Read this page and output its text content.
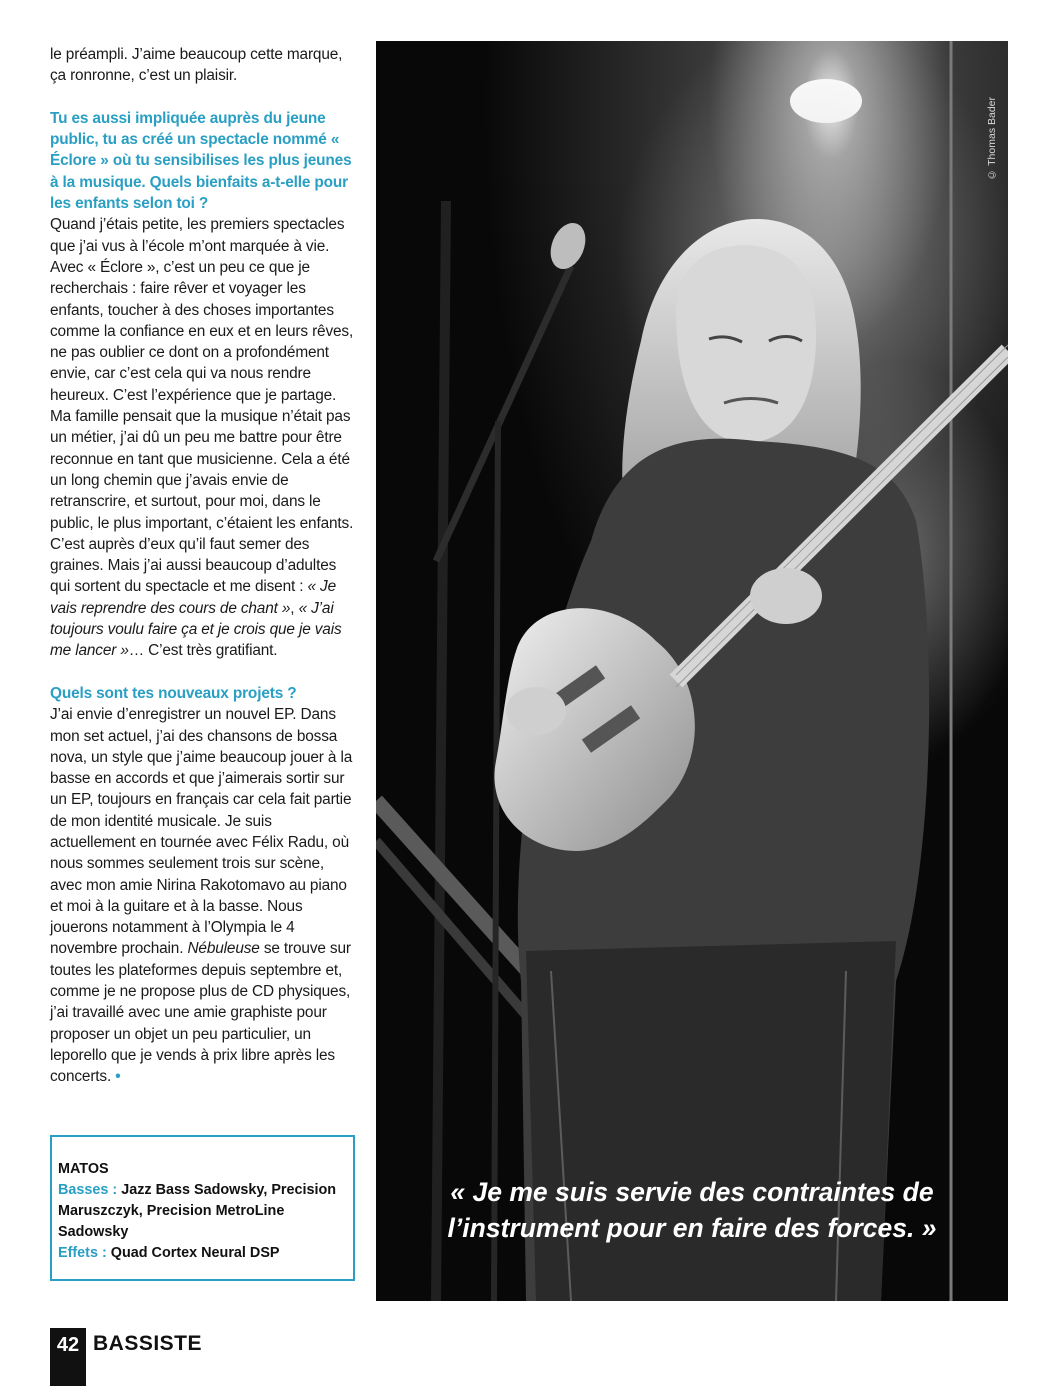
le préampli. J’aime beaucoup cette marque, ça ronronne, c’est un plaisir.

Tu es aussi impliquée auprès du jeune public, tu as créé un spectacle nommé « Éclore » où tu sensibilises les plus jeunes à la musique. Quels bienfaits a-t-elle pour les enfants selon toi ?

Quand j’étais petite, les premiers spectacles que j’ai vus à l’école m’ont marquée à vie. Avec « Éclore », c’est un peu ce que je recherchais : faire rêver et voyager les enfants, toucher à des choses importantes comme la confiance en eux et en leurs rêves, ne pas oublier ce dont on a profondément envie, car c’est cela qui va nous rendre heureux. C’est l’expérience que je partage. Ma famille pensait que la musique n’était pas un métier, j’ai dû un peu me battre pour être reconnue en tant que musicienne. Cela a été un long chemin que j’avais envie de retranscrire, et surtout, pour moi, dans le public, le plus important, c’étaient les enfants. C’est auprès d’eux qu’il faut semer des graines. Mais j’ai aussi beaucoup d’adultes qui sortent du spectacle et me disent : « Je vais reprendre des cours de chant », « J’ai toujours voulu faire ça et je crois que je vais me lancer »… C’est très gratifiant.

Quels sont tes nouveaux projets ?

J’ai envie d’enregistrer un nouvel EP. Dans mon set actuel, j’ai des chansons de bossa nova, un style que j’aime beaucoup jouer à la basse en accords et que j’aimerais sortir sur un EP, toujours en français car cela fait partie de mon identité musicale. Je suis actuellement en tournée avec Félix Radu, où nous sommes seulement trois sur scène, avec mon amie Nirina Rakotomavo au piano et moi à la guitare et à la basse. Nous jouerons notamment à l’Olympia le 4 novembre prochain. Nébuleuse se trouve sur toutes les plateformes depuis septembre et, comme je ne propose plus de CD physiques, j’ai travaillé avec une amie graphiste pour proposer un objet un peu particulier, un leporello que je vends à prix libre après les concerts. •

MATOS
Basses : Jazz Bass Sadowsky, Precision Maruszczyk, Precision MetroLine Sadowsky
Effets : Quad Cortex Neural DSP
© Thomas Bader
« Je me suis servie des contraintes de l’instrument pour en faire des forces. »
42 BASSISTE
